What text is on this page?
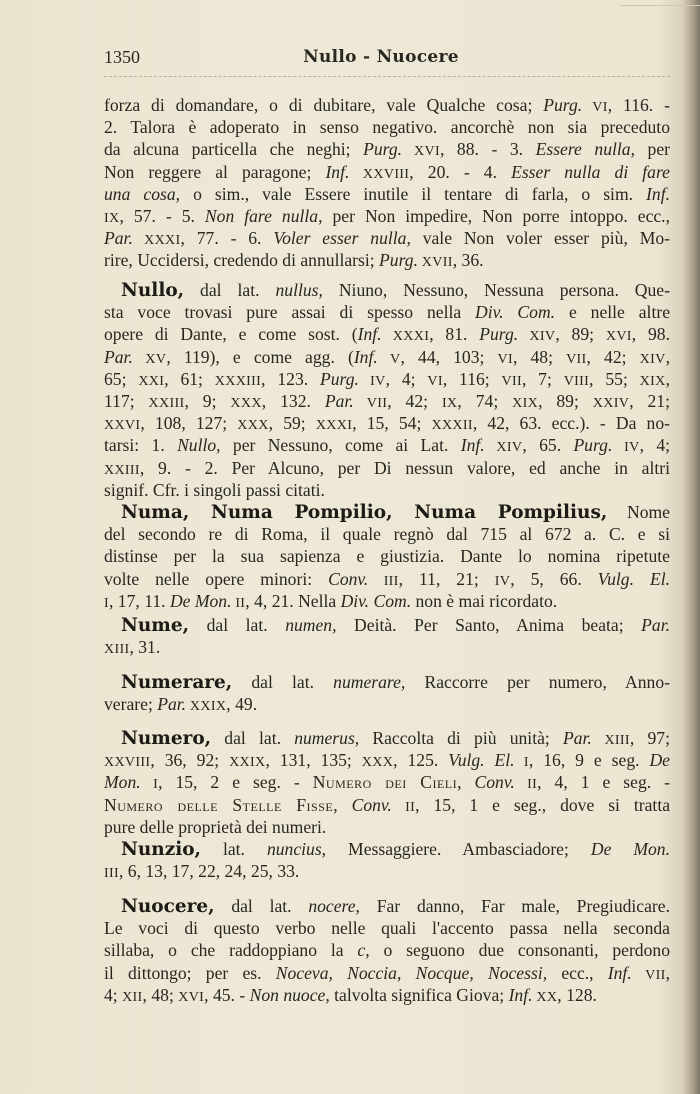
1350	Nullo - Nuocere
forza di domandare, o di dubitare, vale Qualche cosa; Purg. VI, 116. -
2. Talora è adoperato in senso negativo. ancorchè non sia preceduto
da alcuna particella che neghi; Purg. XVI, 88. - 3. Essere nulla, per
Non reggere al paragone; Inf. XXVIII, 20. - 4. Esser nulla di fare
una cosa, o sim., vale Essere inutile il tentare di farla, o sim. Inf.
IX, 57. - 5. Non fare nulla, per Non impedire, Non porre intoppo. ecc.,
Par. XXXI, 77. - 6. Voler esser nulla, vale Non voler esser più, Mo-
rire, Uccidersi, credendo di annullarsi; Purg. XVII, 36.
Nullo, dal lat. nullus, Niuno, Nessuno, Nessuna persona. Que-
sta voce trovasi pure assai di spesso nella Div. Com. e nelle altre
opere di Dante, e come sost. (Inf. XXXI, 81. Purg. XIV, 89; XVI, 98.
Par. XV, 119), e come agg. (Inf. V, 44, 103; VI, 48; VII, 42; XIV,
65; XXI, 61; XXXIII, 123. Purg. IV, 4; VI, 116; VII, 7; VIII, 55; XIX,
117; XXIII, 9; XXX, 132. Par. VII, 42; IX, 74; XIX, 89; XXIV, 21;
XXVI, 108, 127; XXX, 59; XXXI, 15, 54; XXXII, 42, 63. ecc.). - Da no-
tarsi: 1. Nullo, per Nessuno, come ai Lat. Inf. XIV, 65. Purg. IV, 4;
XXIII, 9. - 2. Per Alcuno, per Di nessun valore, ed anche in altri
signif. Cfr. i singoli passi citati.
Numa, Numa Pompilio, Numa Pompilius, Nome
del secondo re di Roma, il quale regnò dal 715 al 672 a. C. e si
distinse per la sua sapienza e giustizia. Dante lo nomina ripetute
volte nelle opere minori: Conv. III, 11, 21; IV, 5, 66. Vulg. El.
I, 17, 11. De Mon. II, 4, 21. Nella Div. Com. non è mai ricordato.
Nume, dal lat. numen, Deità. Per Santo, Anima beata; Par.
XIII, 31.
Numerare, dal lat. numerare, Raccorre per numero, Anno-
verare; Par. XXIX, 49.
Numero, dal lat. numerus, Raccolta di più unità; Par. XIII, 97;
XXVIII, 36, 92; XXIX, 131, 135; XXX, 125. Vulg. El. I, 16, 9 e seg. De
Mon. I, 15, 2 e seg. - Numero dei Cieli, Conv. II, 4, 1 e seg. -
Numero delle Stelle Fisse, Conv. II, 15, 1 e seg., dove si tratta
pure delle proprietà dei numeri.
Nunzio, lat. nuncius, Messaggiere. Ambasciadore; De Mon.
III, 6, 13, 17, 22, 24, 25, 33.
Nuocere, dal lat. nocere, Far danno, Far male, Pregiudicare.
Le voci di questo verbo nelle quali l'accento passa nella seconda
sillaba, o che raddoppiano la c, o seguono due consonanti, perdono
il dittongo; per es. Noceva, Noccia, Nocque, Nocessi, ecc., Inf. VII,
4; XII, 48; XVI, 45. - Non nuoce, talvolta significa Giova; Inf. XX, 128.
